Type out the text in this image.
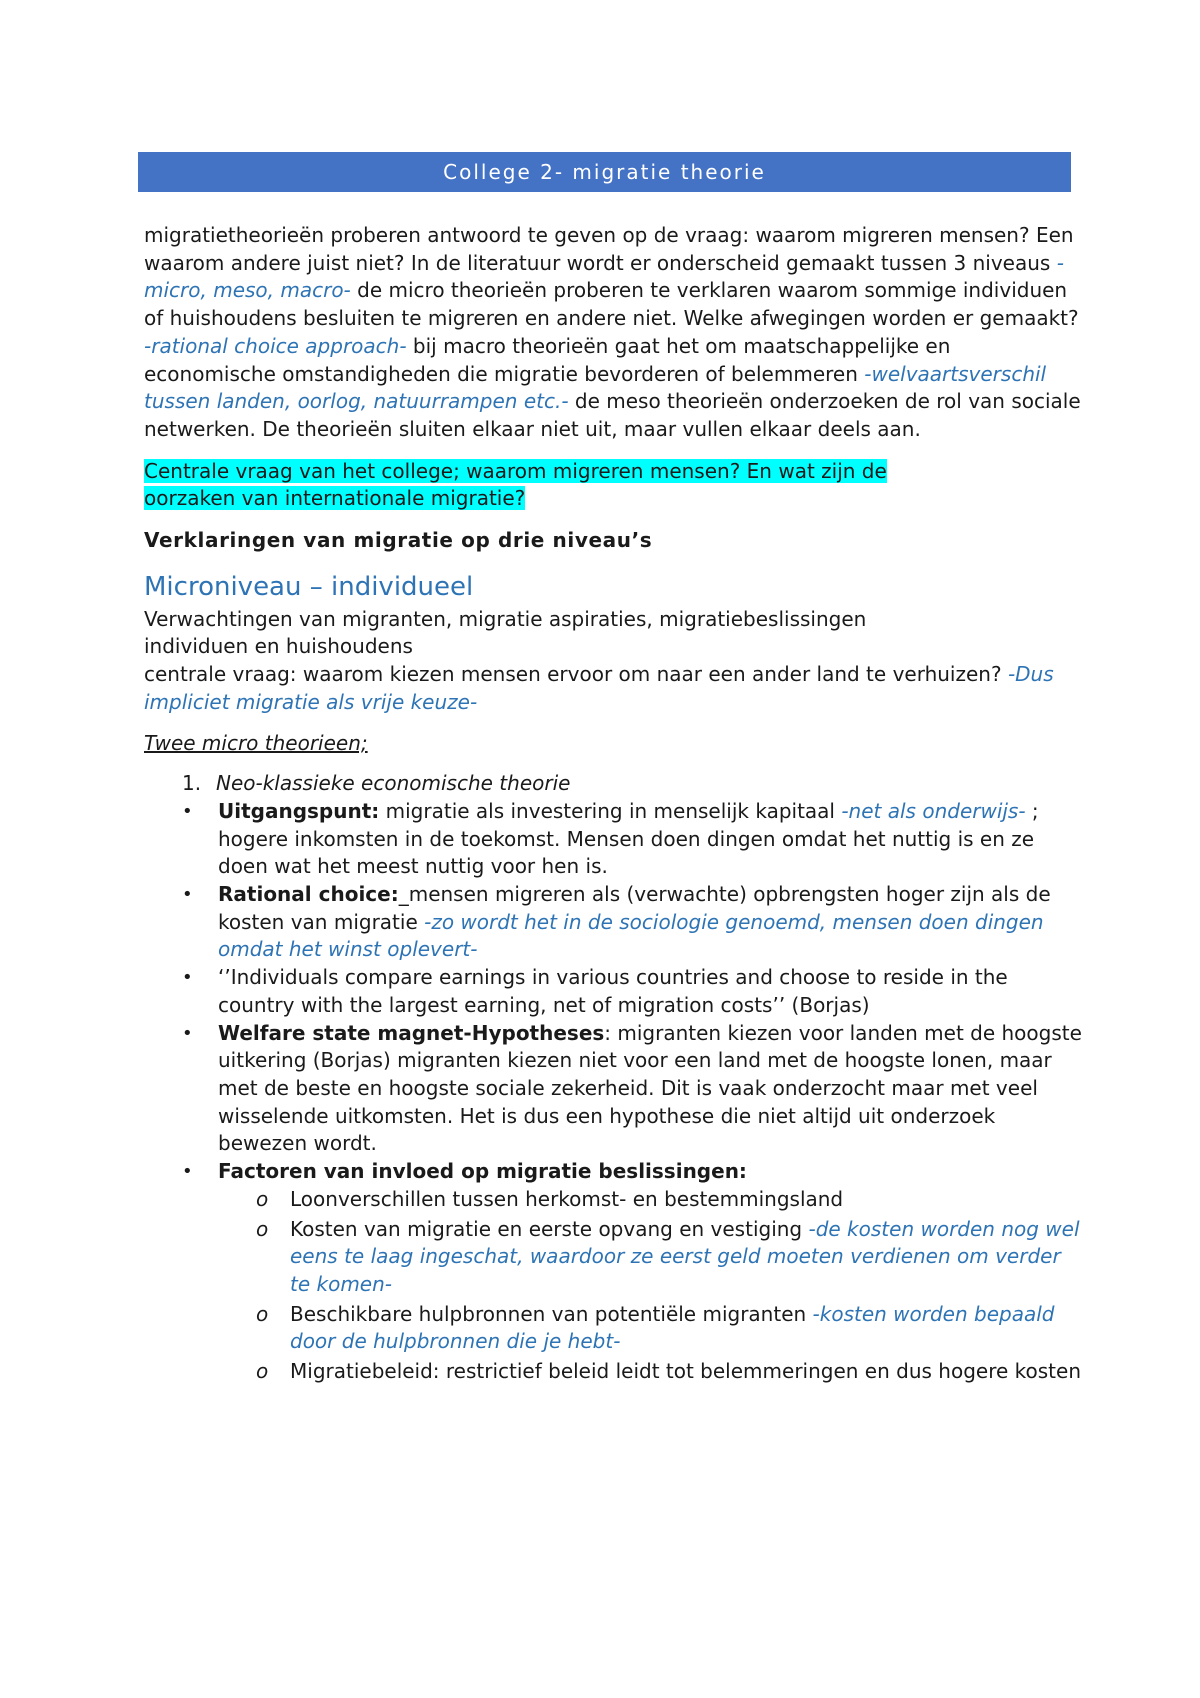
College 2- migratie theorie

migratietheorieën proberen antwoord te geven op de vraag: waarom migreren mensen? Een waarom andere juist niet? In de literatuur wordt er onderscheid gemaakt tussen 3 niveaus -micro, meso, macro- de micro theorieën proberen te verklaren waarom sommige individuen of huishoudens besluiten te migreren en andere niet. Welke afwegingen worden er gemaakt? -rational choice approach- bij macro theorieën gaat het om maatschappelijke en economische omstandigheden die migratie bevorderen of belemmeren -welvaartsverschil tussen landen, oorlog, natuurrampen etc.- de meso theorieën onderzoeken de rol van sociale netwerken. De theorieën sluiten elkaar niet uit, maar vullen elkaar deels aan.

Centrale vraag van het college; waarom migreren mensen? En wat zijn de oorzaken van internationale migratie?

Verklaringen van migratie op drie niveau’s

Microniveau – individueel

Verwachtingen van migranten, migratie aspiraties, migratiebeslissingen

individuen en huishoudens

centrale vraag: waarom kiezen mensen ervoor om naar een ander land te verhuizen? -Dus impliciet migratie als vrije keuze-

Twee micro theorieen;

1. Neo-klassieke economische theorie
• Uitgangspunt: migratie als investering in menselijk kapitaal -net als onderwijs- ; hogere inkomsten in de toekomst. Mensen doen dingen omdat het nuttig is en ze doen wat het meest nuttig voor hen is.
• Rational choice:_mensen migreren als (verwachte) opbrengsten hoger zijn als de kosten van migratie -zo wordt het in de sociologie genoemd, mensen doen dingen omdat het winst oplevert-
• ‘’Individuals compare earnings in various countries and choose to reside in the country with the largest earning, net of migration costs’’ (Borjas)
• Welfare state magnet-Hypotheses: migranten kiezen voor landen met de hoogste uitkering (Borjas) migranten kiezen niet voor een land met de hoogste lonen, maar met de beste en hoogste sociale zekerheid. Dit is vaak onderzocht maar met veel wisselende uitkomsten. Het is dus een hypothese die niet altijd uit onderzoek bewezen wordt.
• Factoren van invloed op migratie beslissingen:
o Loonverschillen tussen herkomst- en bestemmingsland
o Kosten van migratie en eerste opvang en vestiging -de kosten worden nog wel eens te laag ingeschat, waardoor ze eerst geld moeten verdienen om verder te komen-
o Beschikbare hulpbronnen van potentiële migranten -kosten worden bepaald door de hulpbronnen die je hebt-
o Migratiebeleid: restrictief beleid leidt tot belemmeringen en dus hogere kosten
